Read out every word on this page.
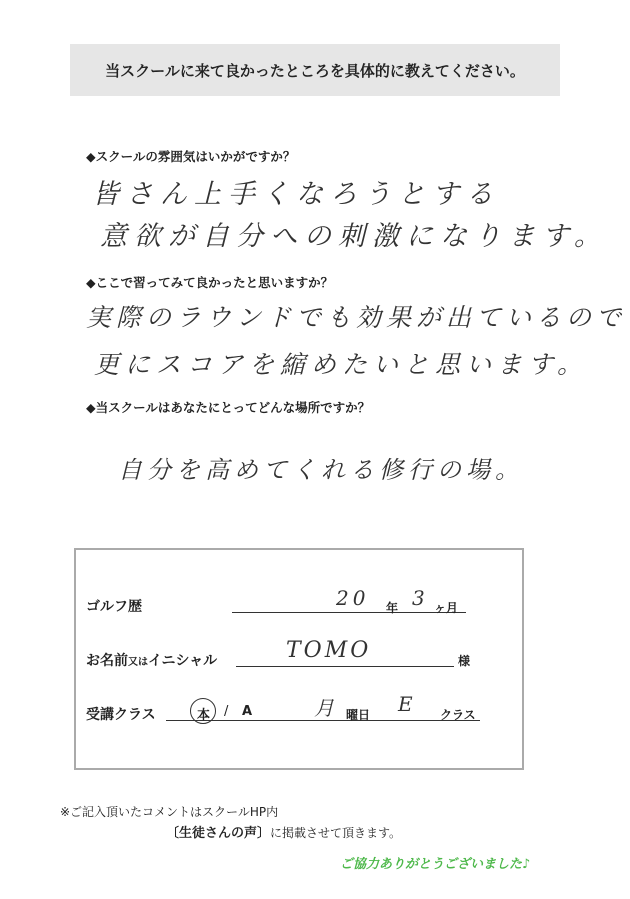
当スクールに来て良かったところを具体的に教えてください。
◆スクールの雰囲気はいかがですか？
皆さん上手くなろうとする
意欲が自分への刺激になります。
◆ここで習ってみて良かったと思いますか？
実際のラウンドでも効果が出ているので
更にスコアを縮めたいと思います。
◆当スクールはあなたにとってどんな場所ですか？
自分を高めてくれる修行の場。
ゴルフ歴	20 年 3 ヶ月
お名前又はイニシャル	TOMO	様
受講クラス	本 / A	月 曜日 E クラス
※ご記入頂いたコメントはスクールHP内
〔生徒さんの声〕に掲載させて頂きます。
ご協力ありがとうございました♪
